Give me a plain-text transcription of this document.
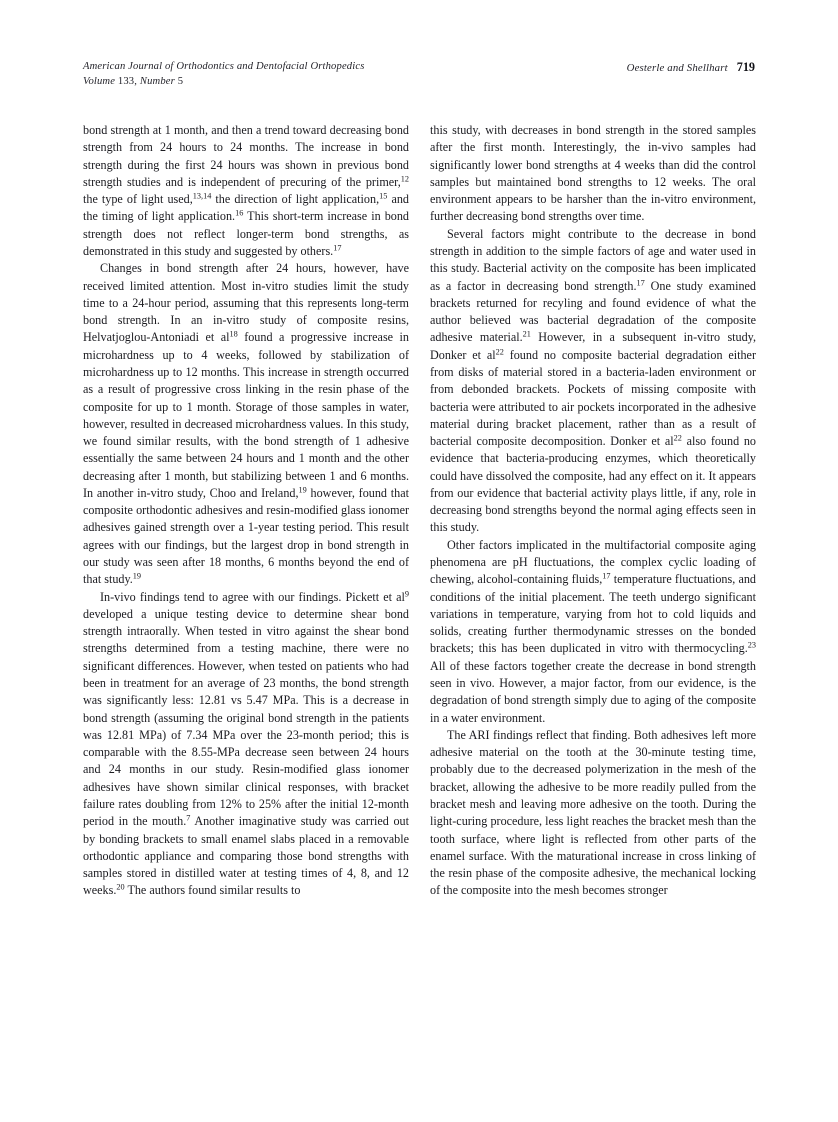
American Journal of Orthodontics and Dentofacial Orthopedics
Volume 133, Number 5
Oesterle and Shellhart 719

bond strength at 1 month, and then a trend toward decreasing bond strength from 24 hours to 24 months. The increase in bond strength during the first 24 hours was shown in previous bond strength studies and is independent of precuring of the primer,$^{12}$ the type of light used,$^{13,14}$ the direction of light application,$^{15}$ and the timing of light application.$^{16}$ This short-term increase in bond strength does not reflect longer-term bond strengths, as demonstrated in this study and suggested by others.$^{17}$

Changes in bond strength after 24 hours, however, have received limited attention. Most in-vitro studies limit the study time to a 24-hour period, assuming that this represents long-term bond strength. In an in-vitro study of composite resins, Helvatjoglou-Antoniadi et $al^{18}$ found a progressive increase in microhardness up to 4 weeks, followed by stabilization of microhardness up to 12 months. This increase in strength occurred as a result of progressive cross linking in the resin phase of the composite for up to 1 month. Storage of those samples in water, however, resulted in decreased microhardness values. In this study, we found similar results, with the bond strength of 1 adhesive essentially the same between 24 hours and 1 month and the other decreasing after 1 month, but stabilizing between 1 and 6 months. In another in-vitro study, Choo and Ireland,$^{19}$ however, found that composite orthodontic adhesives and resin-modified glass ionomer adhesives gained strength over a 1-year testing period. This result agrees with our findings, but the largest drop in bond strength in our study was seen after 18 months, 6 months beyond the end of that study.$^{19}$

In-vivo findings tend to agree with our findings. Pickett et $al^9$ developed a unique testing device to determine shear bond strength intraorally. When tested in vitro against the shear bond strengths determined from a testing machine, there were no significant differences. However, when tested on patients who had been in treatment for an average of 23 months, the bond strength was significantly less: 12.81 vs 5.47 MPa. This is a decrease in bond strength (assuming the original bond strength in the patients was 12.81 MPa) of 7.34 MPa over the 23-month period; this is comparable with the 8.55-MPa decrease seen between 24 hours and 24 months in our study. Resin-modified glass ionomer adhesives have shown similar clinical responses, with bracket failure rates doubling from 12% to 25% after the initial 12-month period in the mouth.$^7$ Another imaginative study was carried out by bonding brackets to small enamel slabs placed in a removable orthodontic appliance and comparing those bond strengths with samples stored in distilled water at testing times of 4, 8, and 12 weeks.$^{20}$ The authors found similar results to

this study, with decreases in bond strength in the stored samples after the first month. Interestingly, the in-vivo samples had significantly lower bond strengths at 4 weeks than did the control samples but maintained bond strengths to 12 weeks. The oral environment appears to be harsher than the in-vitro environment, further decreasing bond strengths over time.

Several factors might contribute to the decrease in bond strength in addition to the simple factors of age and water used in this study. Bacterial activity on the composite has been implicated as a factor in decreasing bond strength.$^{17}$ One study examined brackets returned for recyling and found evidence of what the author believed was bacterial degradation of the composite adhesive material.$^{21}$ However, in a subsequent in-vitro study, Donker et $al^{22}$ found no composite bacterial degradation either from disks of material stored in a bacteria-laden environment or from debonded brackets. Pockets of missing composite with bacteria were attributed to air pockets incorporated in the adhesive material during bracket placement, rather than as a result of bacterial composite decomposition. Donker et $al^{22}$ also found no evidence that bacteria-producing enzymes, which theoretically could have dissolved the composite, had any effect on it. It appears from our evidence that bacterial activity plays little, if any, role in decreasing bond strengths beyond the normal aging effects seen in this study.

Other factors implicated in the multifactorial composite aging phenomena are pH fluctuations, the complex cyclic loading of chewing, alcohol-containing fluids,$^{17}$ temperature fluctuations, and conditions of the initial placement. The teeth undergo significant variations in temperature, varying from hot to cold liquids and solids, creating further thermodynamic stresses on the bonded brackets; this has been duplicated in vitro with thermocycling.$^{23}$ All of these factors together create the decrease in bond strength seen in vivo. However, a major factor, from our evidence, is the degradation of bond strength simply due to aging of the composite in a water environment.

The ARI findings reflect that finding. Both adhesives left more adhesive material on the tooth at the 30-minute testing time, probably due to the decreased polymerization in the mesh of the bracket, allowing the adhesive to be more readily pulled from the bracket mesh and leaving more adhesive on the tooth. During the light-curing procedure, less light reaches the bracket mesh than the tooth surface, where light is reflected from other parts of the enamel surface. With the maturational increase in cross linking of the resin phase of the composite adhesive, the mechanical locking of the composite into the mesh becomes stronger
